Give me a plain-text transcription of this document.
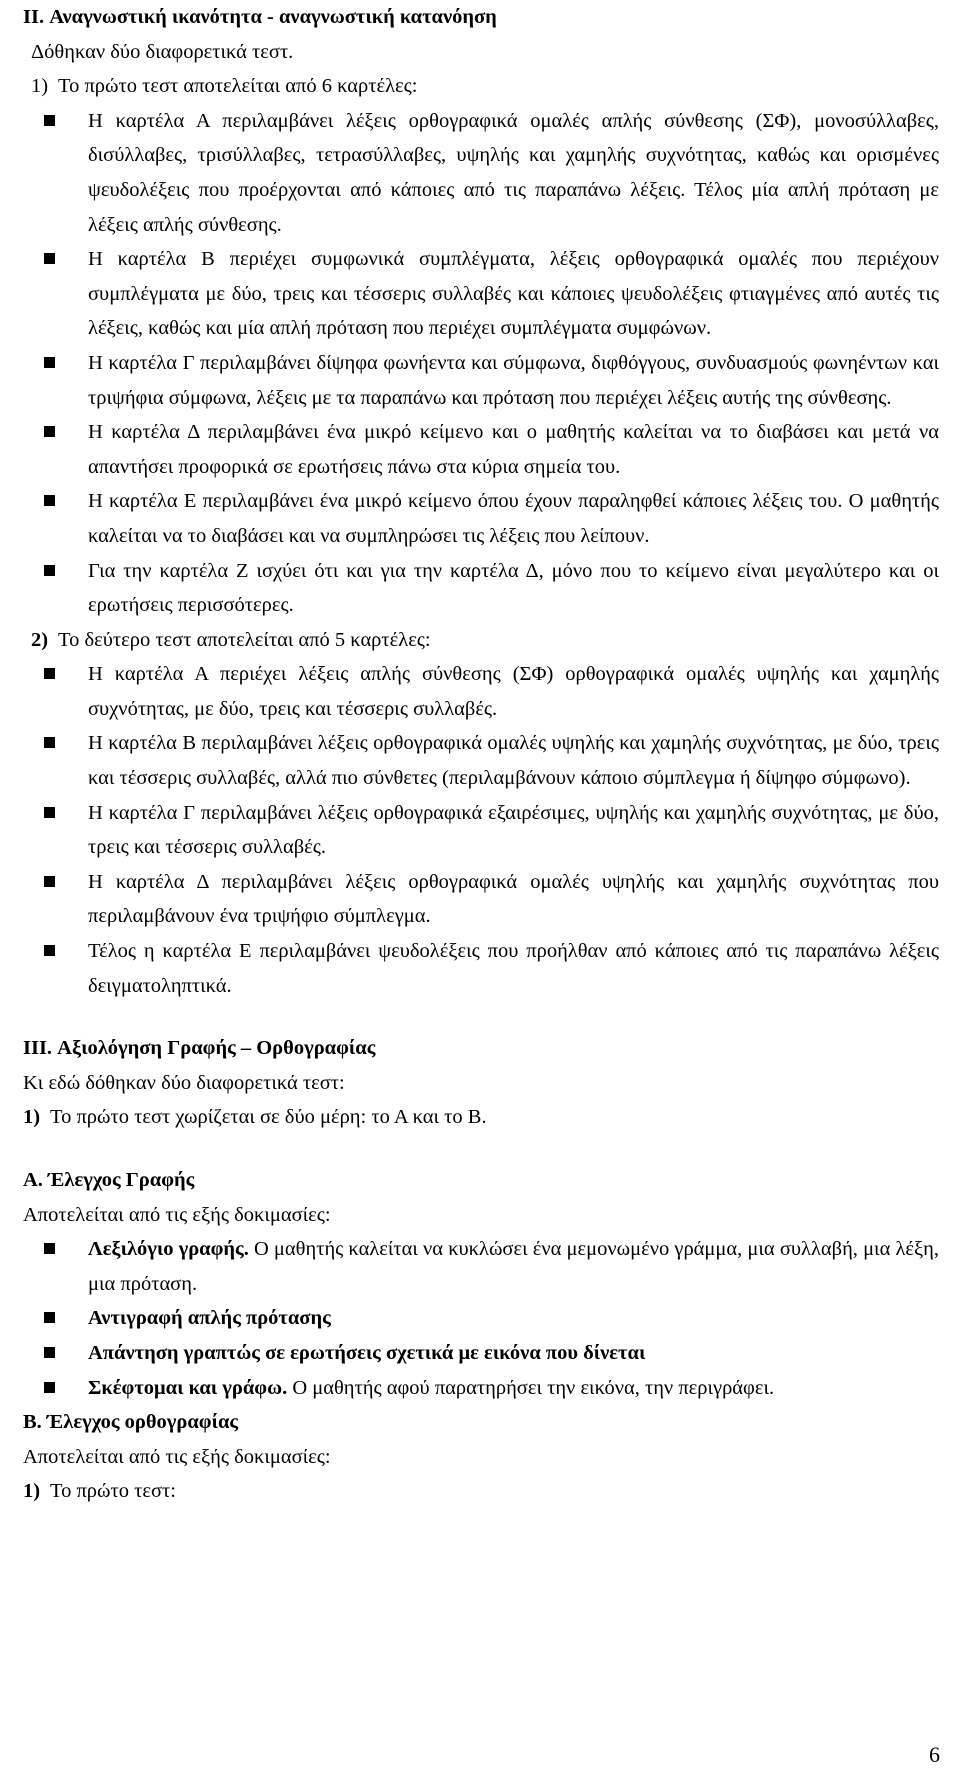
II. Αναγνωστική ικανότητα - αναγνωστική κατανόηση
Δόθηκαν δύο διαφορετικά τεστ.
1) Το πρώτο τεστ αποτελείται από 6 καρτέλες:
Η καρτέλα Α περιλαμβάνει λέξεις ορθογραφικά ομαλές απλής σύνθεσης (ΣΦ), μονοσύλλαβες, δισύλλαβες, τρισύλλαβες, τετρασύλλαβες, υψηλής και χαμηλής συχνότητας, καθώς και ορισμένες ψευδολέξεις που προέρχονται από κάποιες από τις παραπάνω λέξεις. Τέλος μία απλή πρόταση με λέξεις απλής σύνθεσης.
Η καρτέλα Β περιέχει συμφωνικά συμπλέγματα, λέξεις ορθογραφικά ομαλές που περιέχουν συμπλέγματα με δύο, τρεις και τέσσερις συλλαβές και κάποιες ψευδολέξεις φτιαγμένες από αυτές τις λέξεις, καθώς και μία απλή πρόταση που περιέχει συμπλέγματα συμφώνων.
Η καρτέλα Γ περιλαμβάνει δίψηφα φωνήεντα και σύμφωνα, διφθόγγους, συνδυασμούς φωνηέντων και τριψήφια σύμφωνα, λέξεις με τα παραπάνω και πρόταση που περιέχει λέξεις αυτής της σύνθεσης.
Η καρτέλα Δ περιλαμβάνει ένα μικρό κείμενο και ο μαθητής καλείται να το διαβάσει και μετά να απαντήσει προφορικά σε ερωτήσεις πάνω στα κύρια σημεία του.
Η καρτέλα Ε περιλαμβάνει ένα μικρό κείμενο όπου έχουν παραληφθεί κάποιες λέξεις του. Ο μαθητής καλείται να το διαβάσει και να συμπληρώσει τις λέξεις που λείπουν.
Για την καρτέλα Ζ ισχύει ότι και για την καρτέλα Δ, μόνο που το κείμενο είναι μεγαλύτερο και οι ερωτήσεις περισσότερες.
2) Το δεύτερο τεστ αποτελείται από 5 καρτέλες:
Η καρτέλα Α περιέχει λέξεις απλής σύνθεσης (ΣΦ) ορθογραφικά ομαλές υψηλής και χαμηλής συχνότητας, με δύο, τρεις και τέσσερις συλλαβές.
Η καρτέλα Β περιλαμβάνει λέξεις ορθογραφικά ομαλές υψηλής και χαμηλής συχνότητας, με δύο, τρεις και τέσσερις συλλαβές, αλλά πιο σύνθετες (περιλαμβάνουν κάποιο σύμπλεγμα ή δίψηφο σύμφωνο).
Η καρτέλα Γ περιλαμβάνει λέξεις ορθογραφικά εξαιρέσιμες, υψηλής και χαμηλής συχνότητας, με δύο, τρεις και τέσσερις συλλαβές.
Η καρτέλα Δ περιλαμβάνει λέξεις ορθογραφικά ομαλές υψηλής και χαμηλής συχνότητας που περιλαμβάνουν ένα τριψήφιο σύμπλεγμα.
Τέλος η καρτέλα Ε περιλαμβάνει ψευδολέξεις που προήλθαν από κάποιες από τις παραπάνω λέξεις δειγματοληπτικά.
III. Αξιολόγηση Γραφής – Ορθογραφίας
Κι εδώ δόθηκαν δύο διαφορετικά τεστ:
1) Το πρώτο τεστ χωρίζεται σε δύο μέρη: το Α και το Β.
Α. Έλεγχος Γραφής
Αποτελείται από τις εξής δοκιμασίες:
Λεξιλόγιο γραφής. Ο μαθητής καλείται να κυκλώσει ένα μεμονωμένο γράμμα, μια συλλαβή, μια λέξη, μια πρόταση.
Αντιγραφή απλής πρότασης
Απάντηση γραπτώς σε ερωτήσεις σχετικά με εικόνα που δίνεται
Σκέφτομαι και γράφω. Ο μαθητής αφού παρατηρήσει την εικόνα, την περιγράφει.
Β. Έλεγχος ορθογραφίας
Αποτελείται από τις εξής δοκιμασίες:
1) Το πρώτο τεστ:
6
